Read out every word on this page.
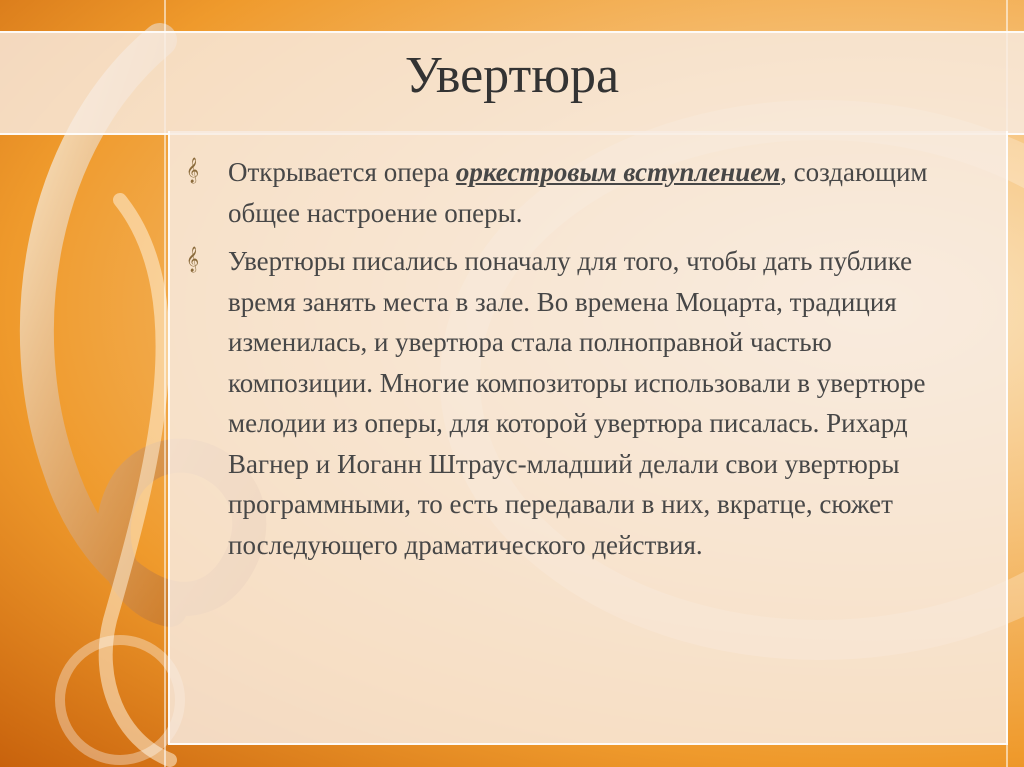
Увертюра
𝄞 Открывается опера оркестровым вступлением, создающим общее настроение оперы.
𝄞 Увертюры писались поначалу для того, чтобы дать публике время занять места в зале. Во времена Моцарта, традиция изменилась, и увертюра стала полноправной частью композиции. Многие композиторы использовали в увертюре мелодии из оперы, для которой увертюра писалась. Рихард Вагнер и Иоганн Штраус-младший делали свои увертюры программными, то есть передавали в них, вкратце, сюжет последующего драматического действия.
